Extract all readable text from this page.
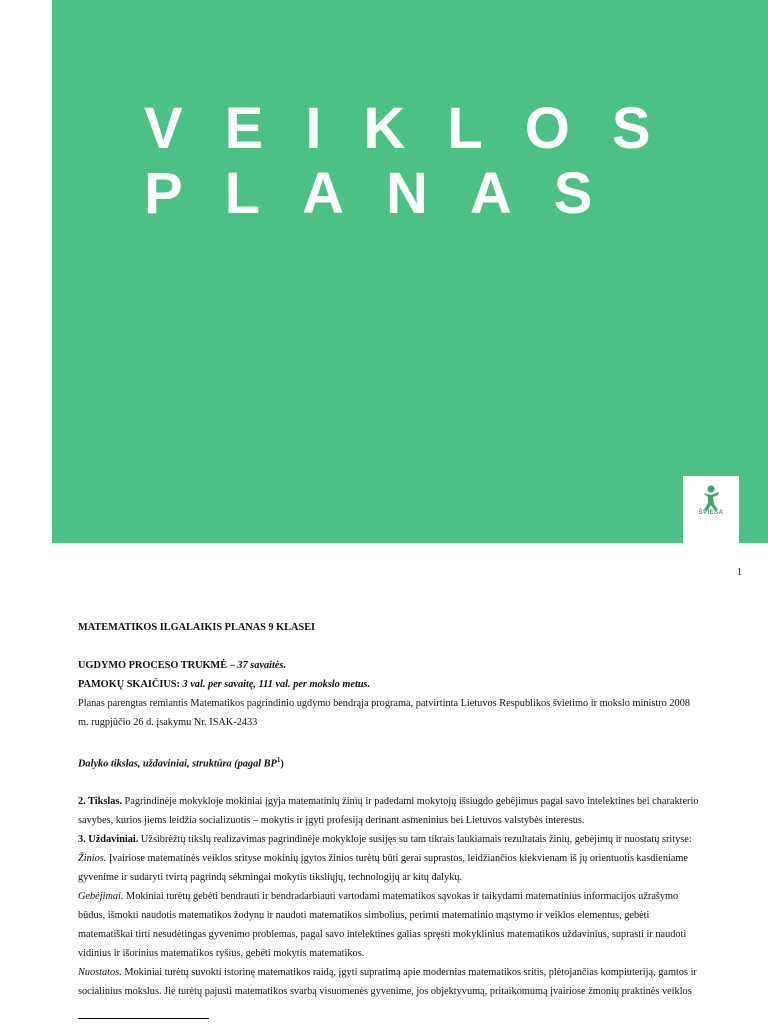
VEIKLOS
PLANAS
ŠVIESA
1

MATEMATIKOS ILGALAIKIS PLANAS 9 KLASEI

UGDYMO PROCESO TRUKMĖ – 37 savaitės.

PAMOKŲ SKAIČIUS: 3 val. per savaitę, 111 val. per mokslo metus.

Planas parengtas remiantis Matematikos pagrindinio ugdymo bendrąja programa, patvirtinta Lietuvos Respublikos švietimo ir mokslo ministro 2008

m. rugpjūčio 26 d. įsakymu Nr. ISAK-2433

Dalyko tikslas, uždaviniai, struktūra (pagal $BP^1$)

2. Tikslas. Pagrindinėje mokykloje mokiniai įgyja matematinių žinių ir padedami mokytojų išsiugdo gebėjimus pagal savo intelektines bei charakterio

savybes, kurios jiems leidžia socializuotis – mokytis ir įgyti profesiją derinant asmeninius bei Lietuvos valstybės interesus.

3. Uždaviniai. Užsibrėžtų tikslų realizavimas pagrindinėje mokykloje susijęs su tam tikrais laukiamais rezultatais žinių, gebėjimų ir nuostatų srityse:

Žinios. Įvairiose matematinės veiklos srityse mokinių įgytos žinios turėtų būti gerai suprastos, leidžiančios kiekvienam iš jų orientuotis kasdieniame

gyvenime ir sudaryti tvirtą pagrindą sėkmingai mokytis tiksliųjų, technologijų ar kitų dalykų.

Gebėjimai. Mokiniai turėtų gebėti bendrauti ir bendradarbiauti vartodami matematikos sąvokas ir taikydami matematinius informacijos užrašymo

būdus, išmokti naudotis matematikos žodynu ir naudoti matematikos simbolius, perimti matematinio mąstymo ir veiklos elementus, gebėti

matematiškai tirti nesudėtingas gyvenimo problemas, pagal savo intelektines galias spręsti mokyklinius matematikos uždavinius, suprasti ir naudoti

vidinius ir išorinius matematikos ryšius, gebėti mokytis matematikos.

Nuostatos. Mokiniai turėtų suvokti istorinę matematikos raidą, įgyti supratimą apie modernias matematikos sritis, plėtojančias kompiuteriją, gamtos ir

socialinius mokslus. Jie turėtų pajusti matematikos svarbą visuomenės gyvenime, jos objektyvumą, pritaikomumą įvairiose žmonių praktinės veiklos
